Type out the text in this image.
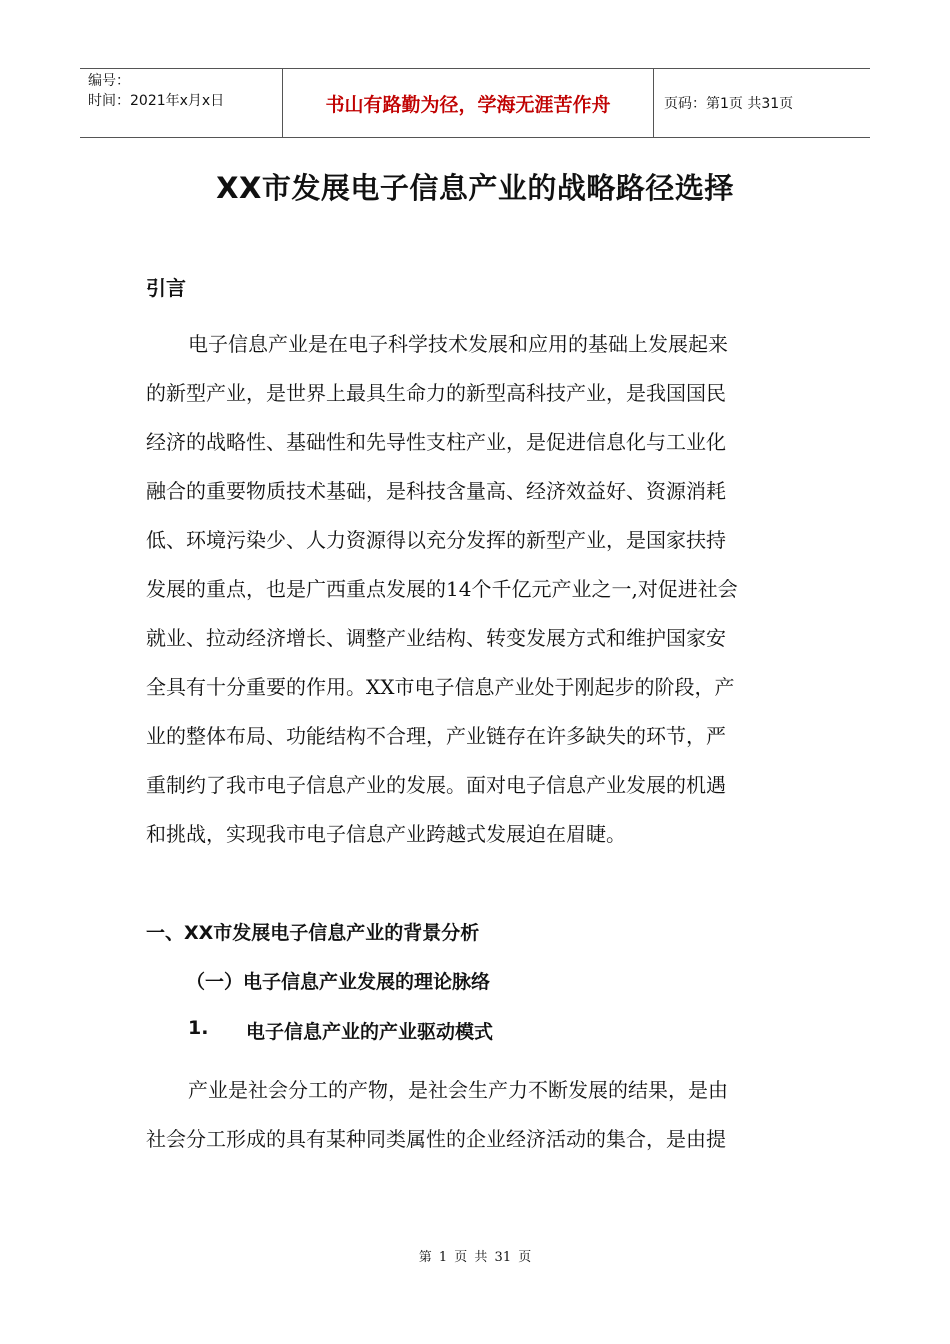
编号：
时间：2021年x月x日	书山有路勤为径，学海无涯苦作舟	页码：第1页 共31页
XX市发展电子信息产业的战略路径选择
引言
电子信息产业是在电子科学技术发展和应用的基础上发展起来
的新型产业，是世界上最具生命力的新型高科技产业，是我国国民
经济的战略性、基础性和先导性支柱产业，是促进信息化与工业化
融合的重要物质技术基础，是科技含量高、经济效益好、资源消耗
低、环境污染少、人力资源得以充分发挥的新型产业，是国家扶持
发展的重点，也是广西重点发展的14个千亿元产业之一,对促进社会
就业、拉动经济增长、调整产业结构、转变发展方式和维护国家安
全具有十分重要的作用。XX市电子信息产业处于刚起步的阶段，产
业的整体布局、功能结构不合理，产业链存在许多缺失的环节，严
重制约了我市电子信息产业的发展。面对电子信息产业发展的机遇
和挑战，实现我市电子信息产业跨越式发展迫在眉睫。
一、XX市发展电子信息产业的背景分析
（一）电子信息产业发展的理论脉络
1.	电子信息产业的产业驱动模式
产业是社会分工的产物，是社会生产力不断发展的结果，是由
社会分工形成的具有某种同类属性的企业经济活动的集合，是由提
第 1 页 共 31 页
